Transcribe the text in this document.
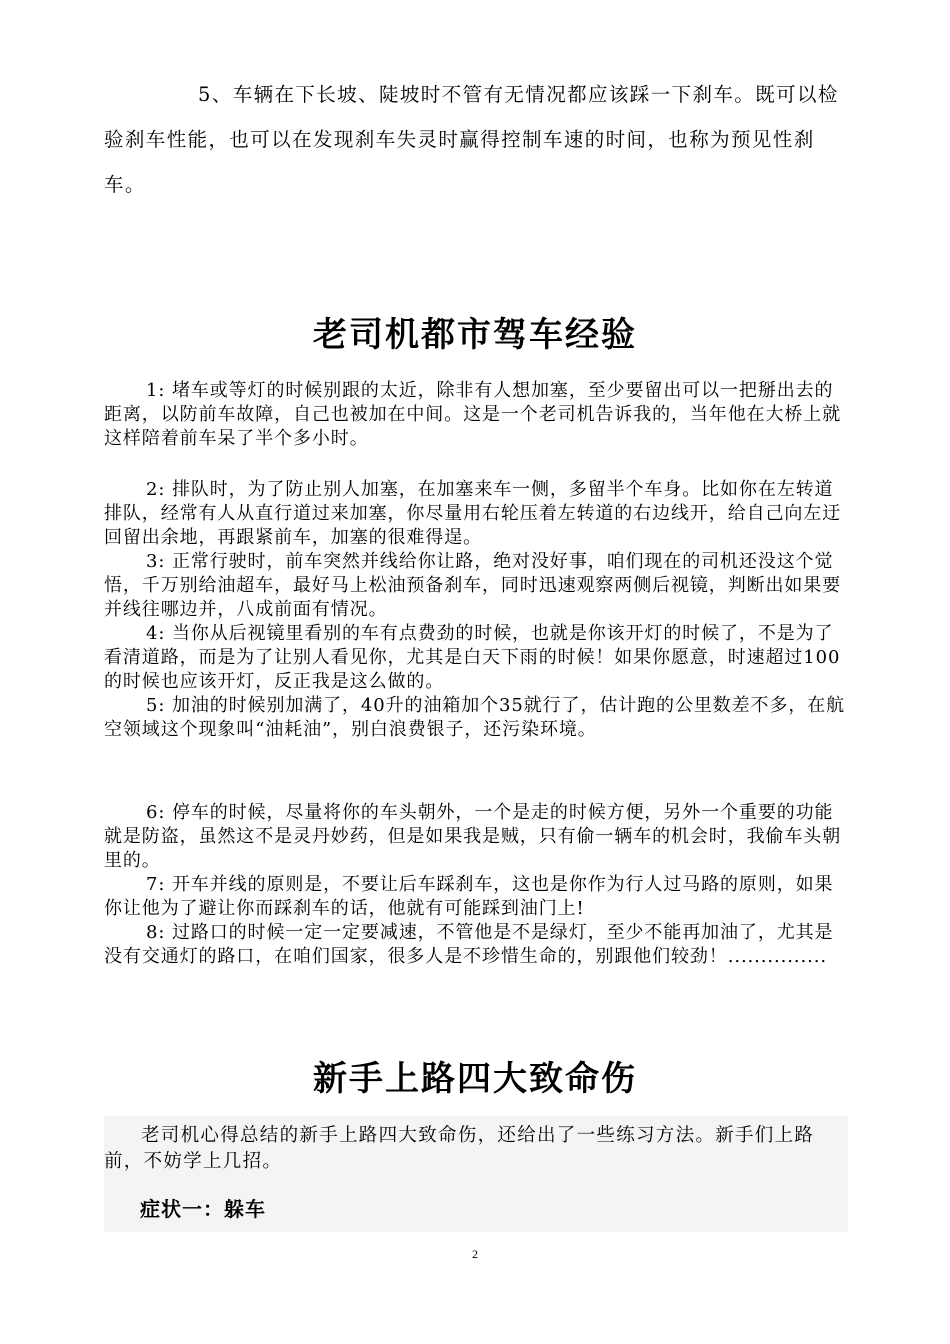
5、车辆在下长坡、陡坡时不管有无情况都应该踩一下刹车。既可以检验刹车性能，也可以在发现刹车失灵时赢得控制车速的时间，也称为预见性刹车。

老司机都市驾车经验

1: 堵车或等灯的时候别跟的太近，除非有人想加塞，至少要留出可以一把掰出去的距离，以防前车故障，自己也被加在中间。这是一个老司机告诉我的，当年他在大桥上就这样陪着前车呆了半个多小时。

2: 排队时，为了防止别人加塞，在加塞来车一侧，多留半个车身。比如你在左转道排队，经常有人从直行道过来加塞，你尽量用右轮压着左转道的右边线开，给自己向左迂回留出余地，再跟紧前车，加塞的很难得逞。

3: 正常行驶时，前车突然并线给你让路，绝对没好事，咱们现在的司机还没这个觉悟，千万别给油超车，最好马上松油预备刹车，同时迅速观察两侧后视镜，判断出如果要并线往哪边并，八成前面有情况。

4: 当你从后视镜里看别的车有点费劲的时候，也就是你该开灯的时候了，不是为了看清道路，而是为了让别人看见你，尤其是白天下雨的时候！如果你愿意，时速超过100的时候也应该开灯，反正我是这么做的。

5: 加油的时候别加满了，40升的油箱加个35就行了，估计跑的公里数差不多，在航空领域这个现象叫“油耗油”，别白浪费银子，还污染环境。

6: 停车的时候，尽量将你的车头朝外，一个是走的时候方便，另外一个重要的功能就是防盗，虽然这不是灵丹妙药，但是如果我是贼，只有偷一辆车的机会时，我偷车头朝里的。

7: 开车并线的原则是，不要让后车踩刹车，这也是你作为行人过马路的原则，如果你让他为了避让你而踩刹车的话，他就有可能踩到油门上!

8: 过路口的时候一定一定要减速，不管他是不是绿灯，至少不能再加油了，尤其是没有交通灯的路口，在咱们国家，很多人是不珍惜生命的，别跟他们较劲！...............

新手上路四大致命伤

老司机心得总结的新手上路四大致命伤，还给出了一些练习方法。新手们上路前，不妨学上几招。

症状一：躲车

2
